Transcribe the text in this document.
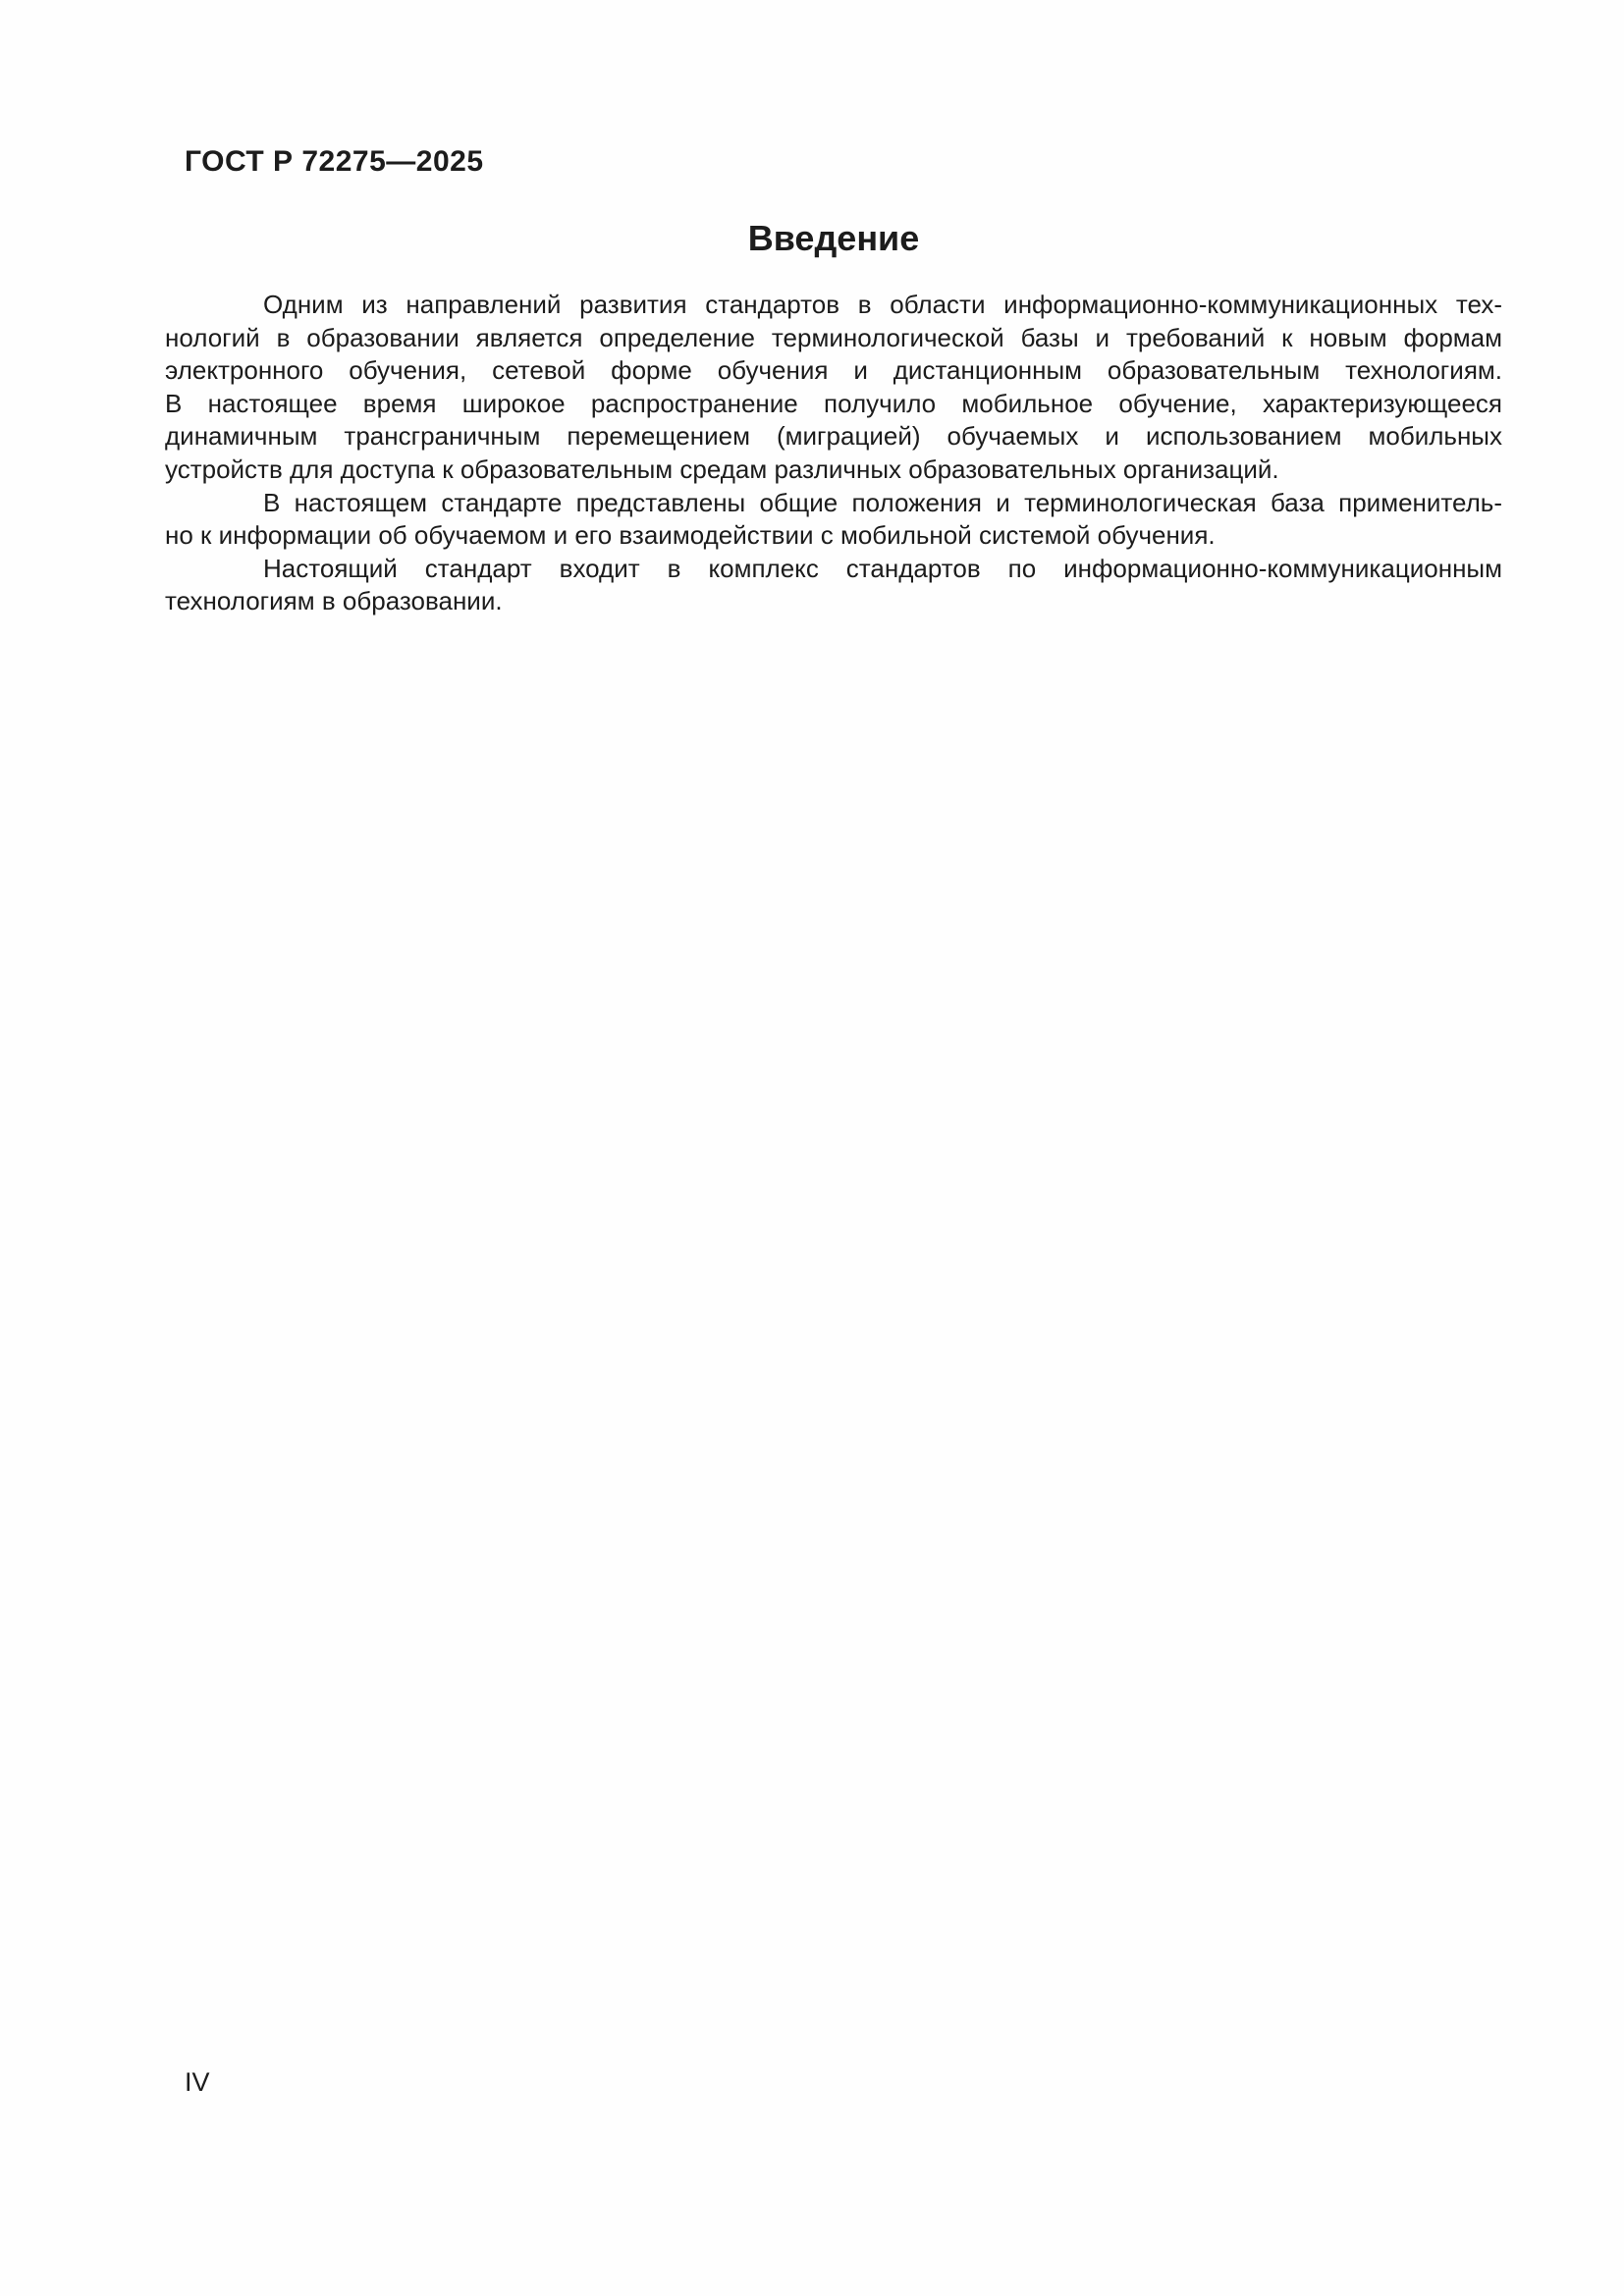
ГОСТ Р 72275—2025
Введение
Одним из направлений развития стандартов в области информационно-коммуникационных тех-
нологий в образовании является определение терминологической базы и требований к новым формам
электронного обучения, сетевой форме обучения и дистанционным образовательным технологиям.
В настоящее время широкое распространение получило мобильное обучение, характеризующееся
динамичным трансграничным перемещением (миграцией) обучаемых и использованием мобильных
устройств для доступа к образовательным средам различных образовательных организаций.
В настоящем стандарте представлены общие положения и терминологическая база применитель-
но к информации об обучаемом и его взаимодействии с мобильной системой обучения.
Настоящий стандарт входит в комплекс стандартов по информационно-коммуникационным
технологиям в образовании.
IV
